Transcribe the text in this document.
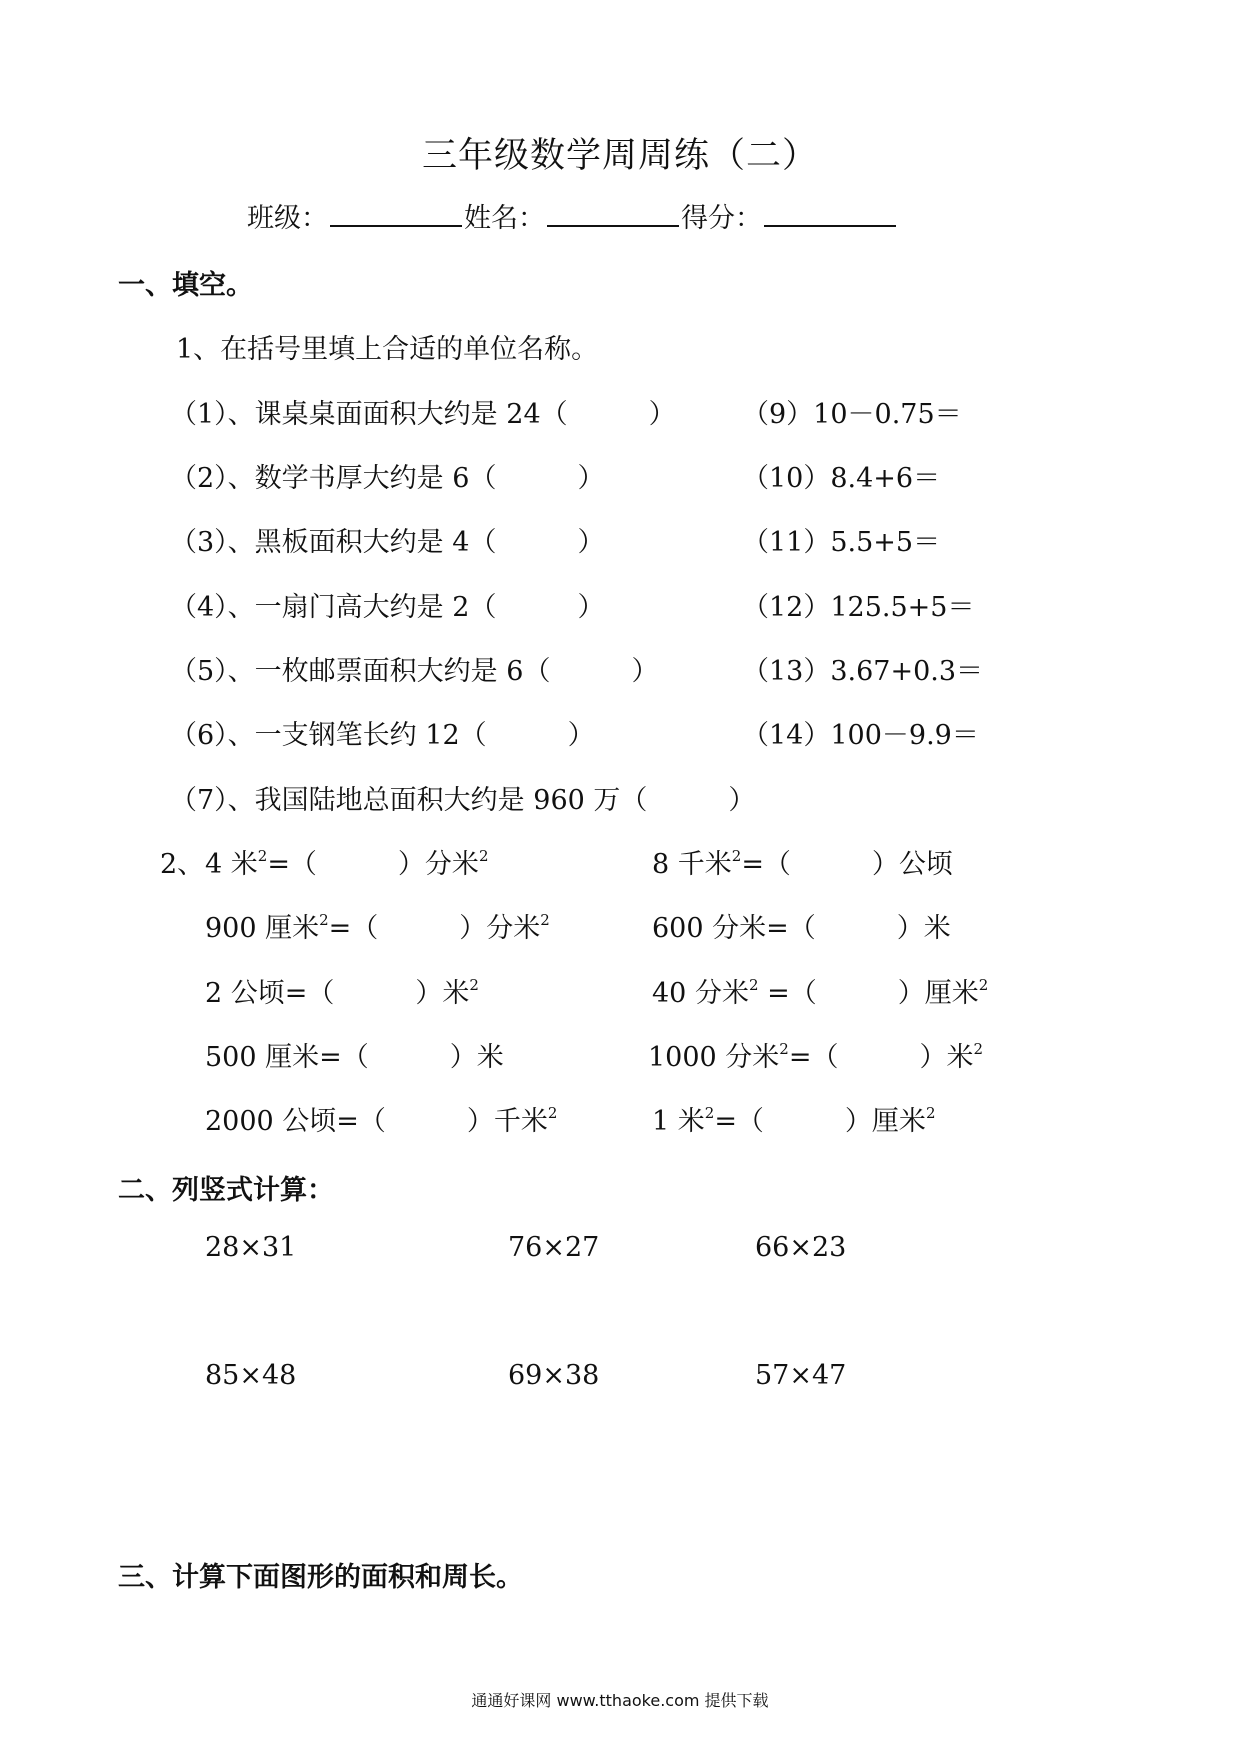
三年级数学周周练（二）
班级：	姓名：	得分：
一、填空。
1、在括号里填上合适的单位名称。
（1）、课桌桌面面积大约是 24（　　　）
（2）、数学书厚大约是 6（　　　）
（3）、黑板面积大约是 4（　　　）
（4）、一扇门高大约是 2（　　　）
（5）、一枚邮票面积大约是 6（　　　）
（6）、一支钢笔长约 12（　　　）
（7）、我国陆地总面积大约是 960 万（　　　）
（9）10－0.75＝
（10）8.4+6＝
（11）5.5+5＝
（12）125.5+5＝
（13）3.67+0.3＝
（14）100－9.9＝
2、 4 米$^2$=（　　　）分米$^2$	8 千米$^2$=（　　　）公顷
900 厘米$^2$=（　　　）分米$^2$	600 分米=（　　　）米
2 公顷=（　　　）米$^2$	40 分米$^2$ =（　　　）厘米$^2$
500 厘米=（　　　）米	1000 分米$^2$=（　　　）米$^2$
2000 公顷=（　　　）千米$^2$	1 米$^2$=（　　　）厘米$^2$
二、列竖式计算：
28×31	76×27	66×23
85×48	69×38	57×47
三、计算下面图形的面积和周长。
通通好课网 www.tthaoke.com 提供下载
